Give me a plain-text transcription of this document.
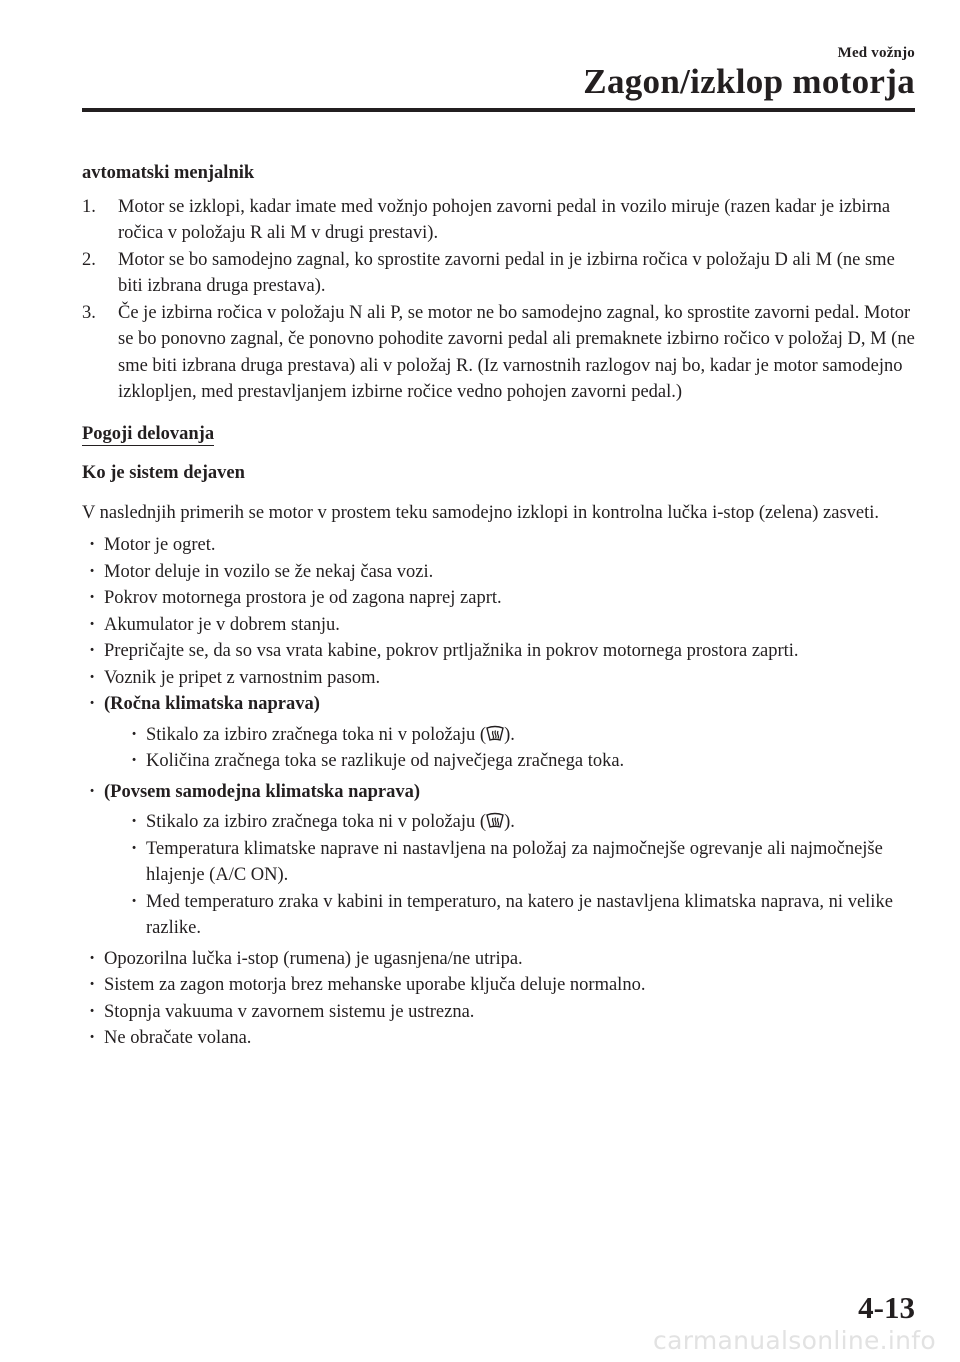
Med vožnjo
Zagon/izklop motorja
avtomatski menjalnik
1. Motor se izklopi, kadar imate med vožnjo pohojen zavorni pedal in vozilo miruje (razen kadar je izbirna ročica v položaju R ali M v drugi prestavi).
2. Motor se bo samodejno zagnal, ko sprostite zavorni pedal in je izbirna ročica v položaju D ali M (ne sme biti izbrana druga prestava).
3. Če je izbirna ročica v položaju N ali P, se motor ne bo samodejno zagnal, ko sprostite zavorni pedal. Motor se bo ponovno zagnal, če ponovno pohodite zavorni pedal ali premaknete izbirno ročico v položaj D, M (ne sme biti izbrana druga prestava) ali v položaj R. (Iz varnostnih razlogov naj bo, kadar je motor samodejno izklopljen, med prestavljanjem izbirne ročice vedno pohojen zavorni pedal.)
Pogoji delovanja
Ko je sistem dejaven
V naslednjih primerih se motor v prostem teku samodejno izklopi in kontrolna lučka i-stop (zelena) zasveti.
· Motor je ogret.
· Motor deluje in vozilo se že nekaj časa vozi.
· Pokrov motornega prostora je od zagona naprej zaprt.
· Akumulator je v dobrem stanju.
· Prepričajte se, da so vsa vrata kabine, pokrov prtljažnika in pokrov motornega prostora zaprti.
· Voznik je pripet z varnostnim pasom.
· (Ročna klimatska naprava)
· Stikalo za izbiro zračnega toka ni v položaju ( ).
· Količina zračnega toka se razlikuje od največjega zračnega toka.
· (Povsem samodejna klimatska naprava)
· Stikalo za izbiro zračnega toka ni v položaju ( ).
· Temperatura klimatske naprave ni nastavljena na položaj za najmočnejše ogrevanje ali najmočnejše hlajenje (A/C ON).
· Med temperaturo zraka v kabini in temperaturo, na katero je nastavljena klimatska naprava, ni velike razlike.
· Opozorilna lučka i-stop (rumena) je ugasnjena/ne utripa.
· Sistem za zagon motorja brez mehanske uporabe ključa deluje normalno.
· Stopnja vakuuma v zavornem sistemu je ustrezna.
· Ne obračate volana.
4-13
carmanualsonline.info
